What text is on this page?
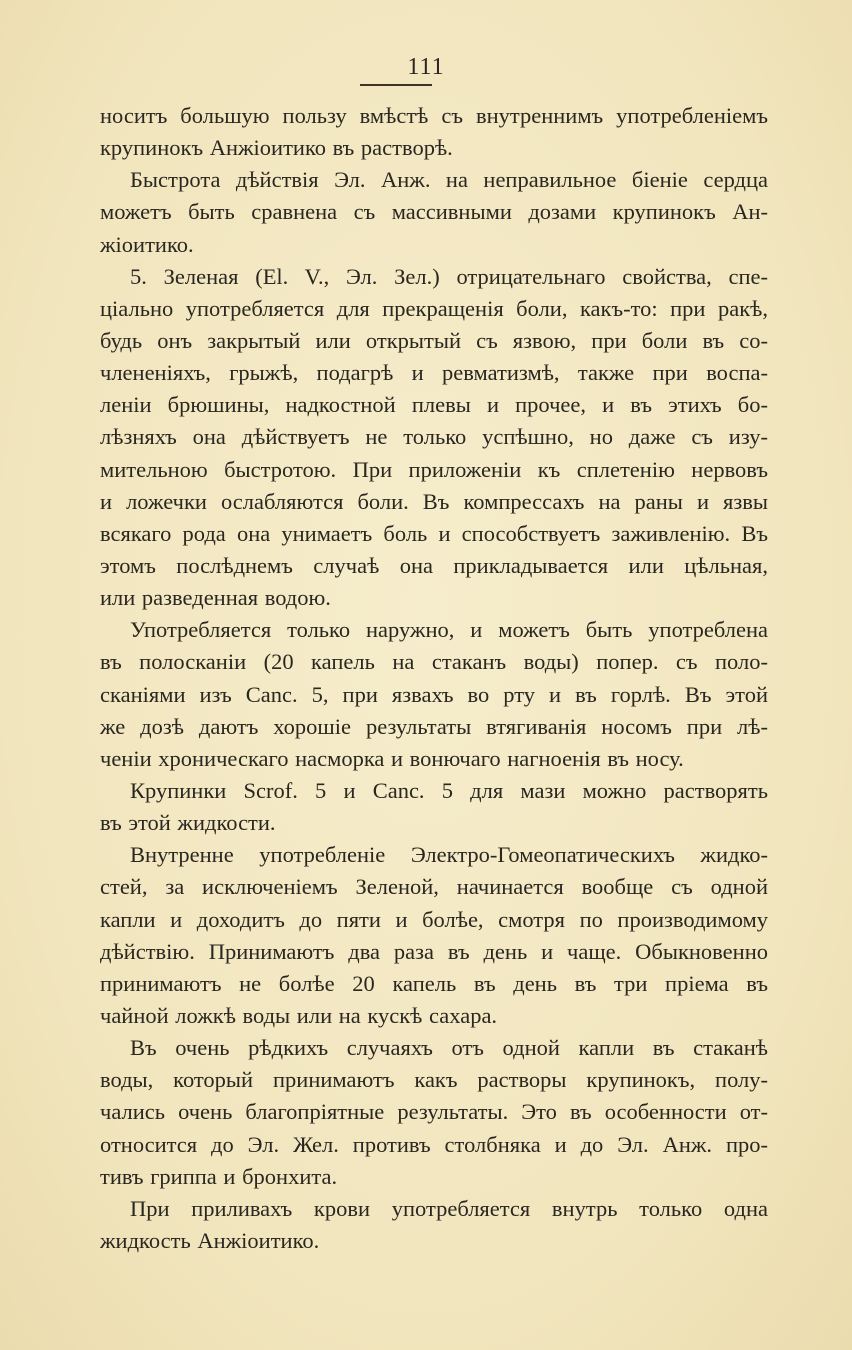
111
носитъ большую пользу вмѣстѣ съ внутреннимъ употребленіемъ
крупинокъ Анжіоитико въ растворѣ.
Быстрота дѣйствія Эл. Анж. на неправильное біеніе сердца
можетъ быть сравнена съ массивными дозами крупинокъ Ан-
жіоитико.
5. Зеленая (El. V., Эл. Зел.) отрицательнаго свойства, спе-
ціально употребляется для прекращенія боли, какъ-то: при ракѣ,
будь онъ закрытый или открытый съ язвою, при боли въ со-
члененіяхъ, грыжѣ, подагрѣ и ревматизмѣ, также при воспа-
леніи брюшины, надкостной плевы и прочее, и въ этихъ бо-
лѣзняхъ она дѣйствуетъ не только успѣшно, но даже съ изу-
мительною быстротою. При приложеніи къ сплетенію нервовъ
и ложечки ослабляются боли. Въ компрессахъ на раны и язвы
всякаго рода она унимаетъ боль и способствуетъ заживленію. Въ
этомъ послѣднемъ случаѣ она прикладывается или цѣльная,
или разведенная водою.
Употребляется только наружно, и можетъ быть употреблена
въ полосканіи (20 капель на стаканъ воды) попер. съ поло-
сканіями изъ Canc. 5, при язвахъ во рту и въ горлѣ. Въ этой
же дозѣ даютъ хорошіе результаты втягиванія носомъ при лѣ-
ченіи хроническаго насморка и вонючаго нагноенія въ носу.
Крупинки Scrof. 5 и Canc. 5 для мази можно растворять
въ этой жидкости.
Внутренне употребленіе Электро-Гомеопатическихъ жидко-
стей, за исключеніемъ Зеленой, начинается вообще съ одной
капли и доходитъ до пяти и болѣе, смотря по производимому
дѣйствію. Принимаютъ два раза въ день и чаще. Обыкновенно
принимаютъ не болѣе 20 капель въ день въ три пріема въ
чайной ложкѣ воды или на кускѣ сахара.
Въ очень рѣдкихъ случаяхъ отъ одной капли въ стаканѣ
воды, который принимаютъ какъ растворы крупинокъ, полу-
чались очень благопріятные результаты. Это въ особенности от-
относится до Эл. Жел. противъ столбняка и до Эл. Анж. про-
тивъ гриппа и бронхита.
При приливахъ крови употребляется внутрь только одна
жидкость Анжіоитико.
